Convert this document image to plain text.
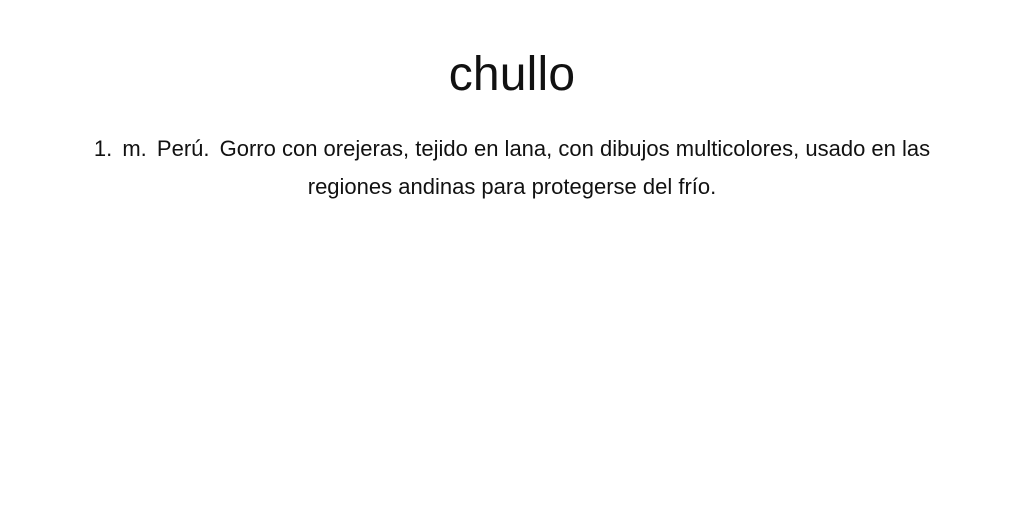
chullo

1. m. Perú. Gorro con orejeras, tejido en lana, con dibujos multicolores, usado en las regiones andinas para protegerse del frío.
